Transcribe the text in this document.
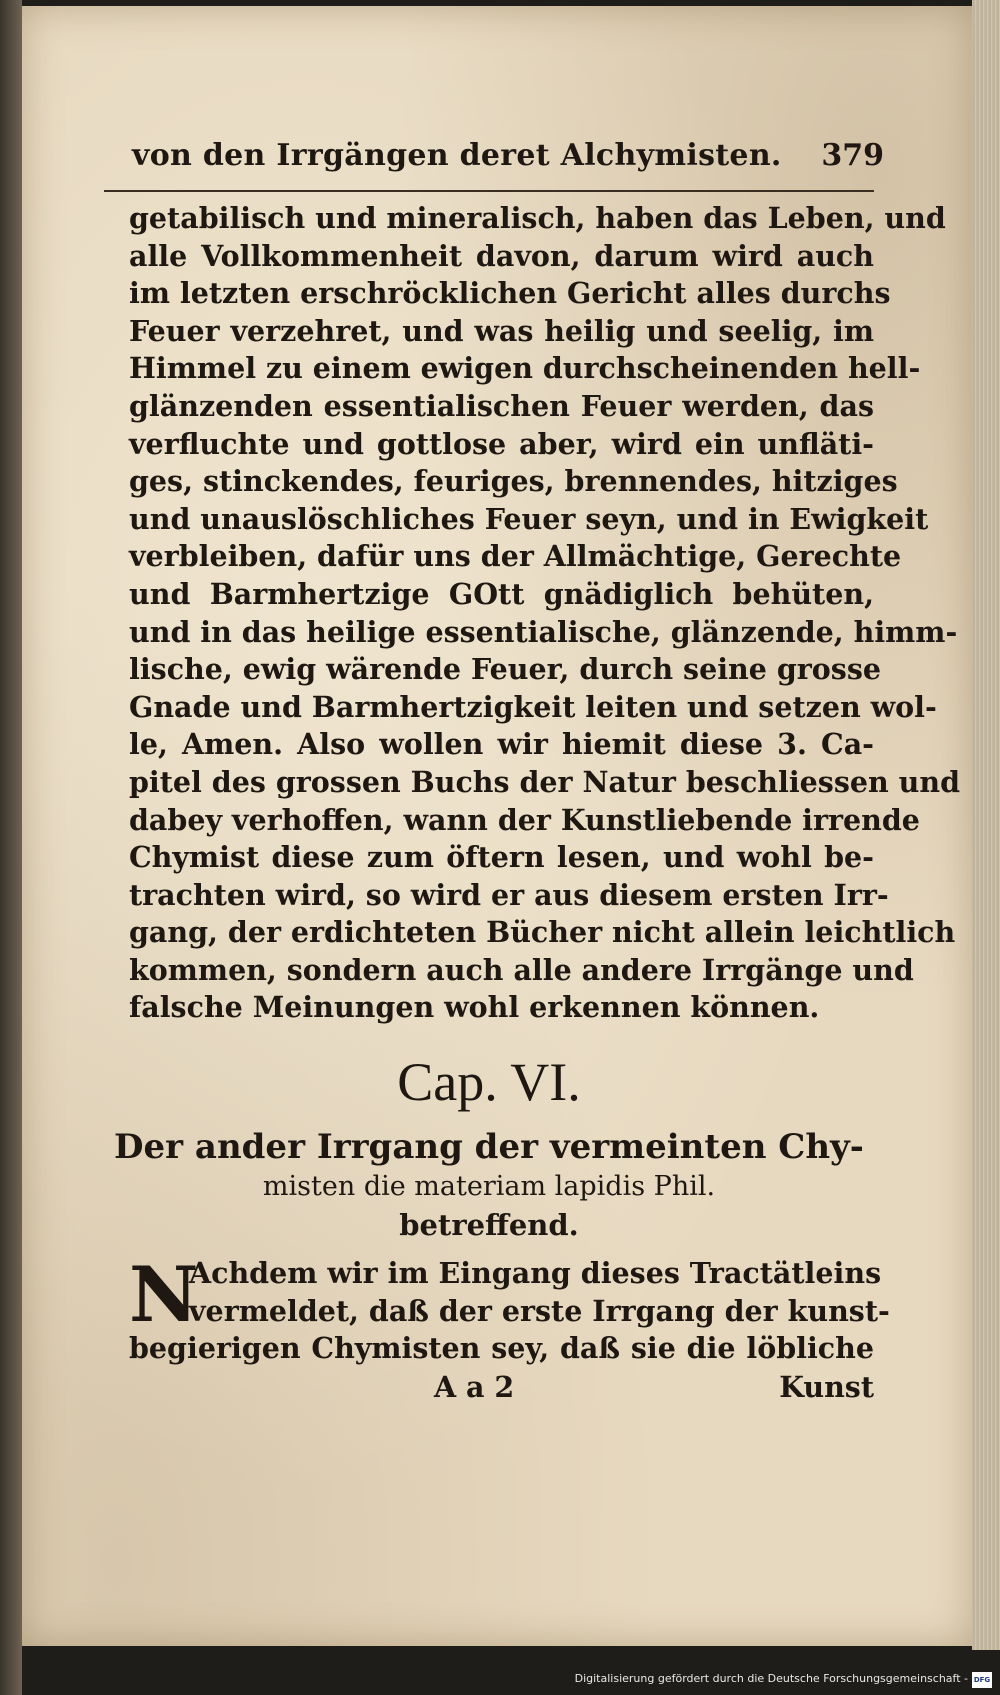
von den Irrgängen deret Alchymisten. 379
getabilisch und mineralisch, haben das Leben, und
alle Vollkommenheit davon, darum wird auch
im letzten erschröcklichen Gericht alles durchs
Feuer verzehret, und was heilig und seelig, im
Himmel zu einem ewigen durchscheinenden hell-
glänzenden essentialischen Feuer werden, das
verfluchte und gottlose aber, wird ein unfläti-
ges, stinckendes, feuriges, brennendes, hitziges
und unauslöschliches Feuer seyn, und in Ewigkeit
verbleiben, dafür uns der Allmächtige, Gerechte
und Barmhertzige GOtt gnädiglich behüten,
und in das heilige essentialische, glänzende, himm-
lische, ewig wärende Feuer, durch seine grosse
Gnade und Barmhertzigkeit leiten und setzen wol-
le, Amen. Also wollen wir hiemit diese 3. Ca-
pitel des grossen Buchs der Natur beschliessen und
dabey verhoffen, wann der Kunstliebende irrende
Chymist diese zum öftern lesen, und wohl be-
trachten wird, so wird er aus diesem ersten Irr-
gang, der erdichteten Bücher nicht allein leichtlich
kommen, sondern auch alle andere Irrgänge und
falsche Meinungen wohl erkennen können.
Cap. VI.
Der ander Irrgang der vermeinten Chy-
misten die materiam lapidis Phil.
betreffend.
N
Achdem wir im Eingang dieses Tractätleins
vermeldet, daß der erste Irrgang der kunst-
begierigen Chymisten sey, daß sie die löbliche
A a 2	Kunst
Digitalisierung gefördert durch die Deutsche Forschungsgemeinschaft - DFG
